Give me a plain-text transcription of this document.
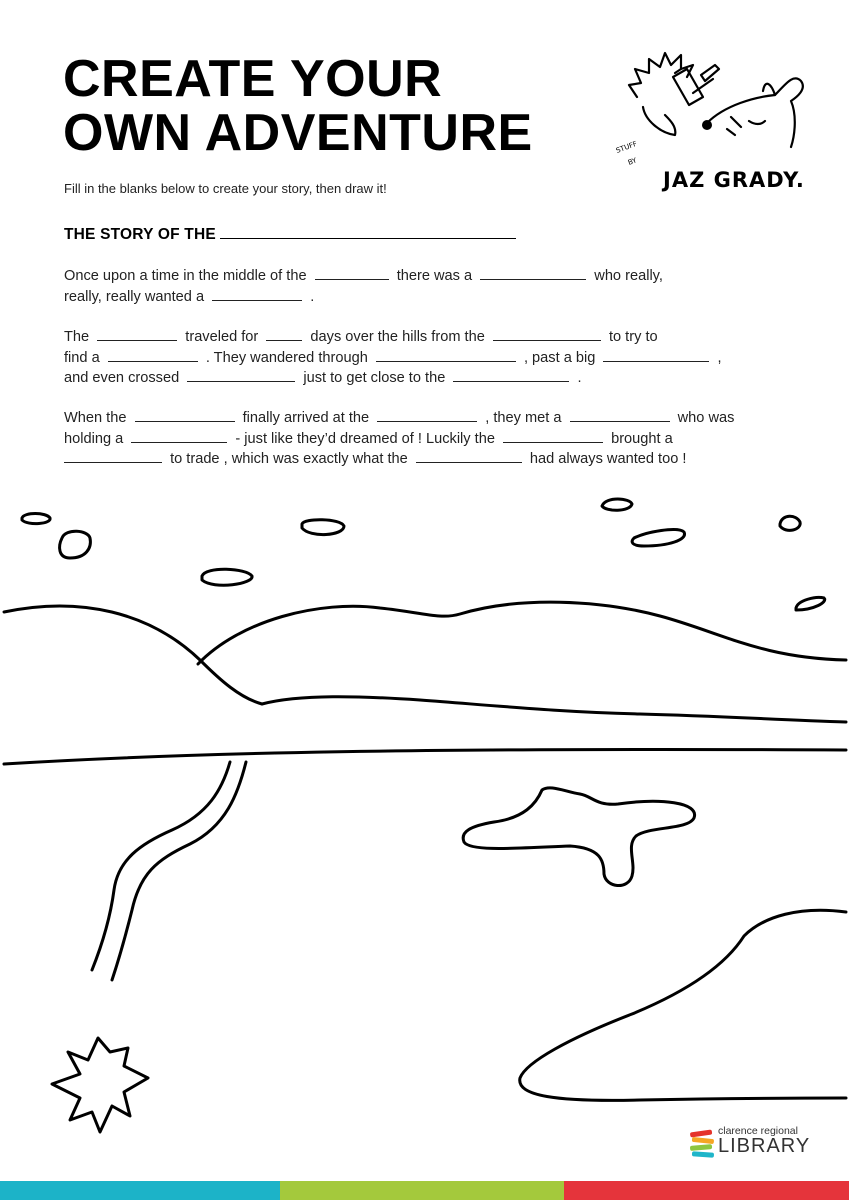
CREATE YOUR
OWN ADVENTURE	STUFF
BY
JAZ GRADY.
Fill in the blanks below to create your story, then draw it!
THE STORY OF THE

Once upon a time in the middle of the	there was a	who really,
really, really wanted a	.

The	traveled for	days over the hills from the	to try to
find a	. They wandered through	, past a big	,
and even crossed	just to get close to the	.

When the	finally arrived at the	, they met a	who was
holding a	- just like they’d dreamed of ! Luckily the	brought a
to trade , which was exactly what the	had always wanted too !

clarence regional
LIBRARY
